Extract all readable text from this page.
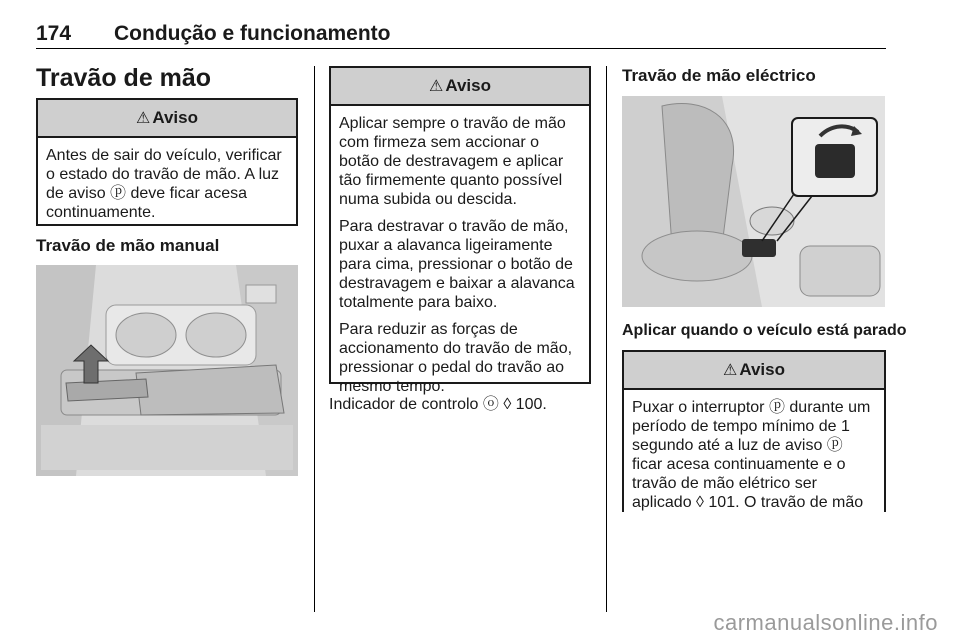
174 Condução e funcionamento
Travão de mão
⚠ Aviso

Antes de sair do veículo, verificar o estado do travão de mão. A luz de aviso ⓟ deve ficar acesa continuamente.

Travão de mão manual
⚠ Aviso

Aplicar sempre o travão de mão com firmeza sem accionar o botão de destravagem e aplicar tão firmemente quanto possível numa subida ou descida.

Para destravar o travão de mão, puxar a alavanca ligeiramente para cima, pressionar o botão de destravagem e baixar a alavanca totalmente para baixo.

Para reduzir as forças de accionamento do travão de mão, pressionar o pedal do travão ao mesmo tempo.

Indicador de controlo ⓞ ◊ 100.
Travão de mão eléctrico
Aplicar quando o veículo está parado
⚠ Aviso

Puxar o interruptor ⓟ durante um período de tempo mínimo de 1 segundo até a luz de aviso ⓟ ficar acesa continuamente e o travão de mão elétrico ser aplicado ◊ 101. O travão de mão

carmanualsonline.info
